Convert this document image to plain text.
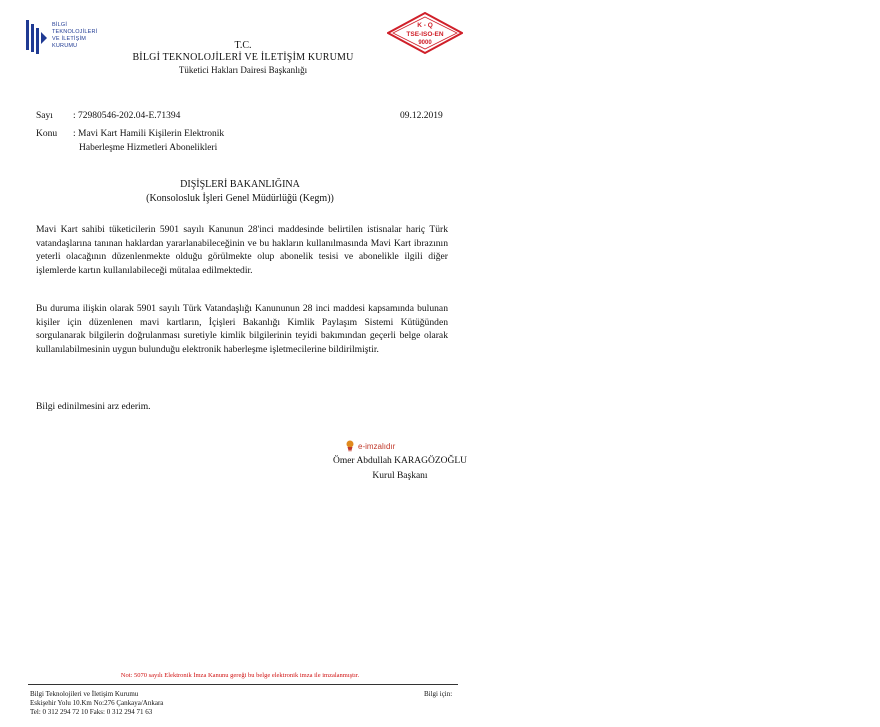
BİLGİ
TEKNOLOJİLERİ
VE İLETİŞİM
KURUMU	T.C.
BİLGİ TEKNOLOJİLERİ VE İLETİŞİM KURUMU
Tüketici Hakları Dairesi Başkanlığı
K - Q
TSE-ISO-EN
9000
Sayı : 72980546-202.04-E.71394	09.12.2019
Konu : Mavi Kart Hamili Kişilerin Elektronik
Haberleşme Hizmetleri Abonelikleri
DIŞİŞLERİ BAKANLIĞINA
(Konsolosluk İşleri Genel Müdürlüğü (Kegm))
Mavi Kart sahibi tüketicilerin 5901 sayılı Kanunun 28'inci maddesinde belirtilen istisnalar hariç Türk vatandaşlarına tanınan haklardan yararlanabileceğinin ve bu hakların kullanılmasında Mavi Kart ibrazının yeterli olacağının düzenlenmekte olduğu görülmekte olup abonelik tesisi ve abonelikle ilgili diğer işlemlerde kartın kullanılabileceği mütalaa edilmektedir.
Bu duruma ilişkin olarak 5901 sayılı Türk Vatandaşlığı Kanununun 28 inci maddesi kapsamında bulunan kişiler için düzenlenen mavi kartların, İçişleri Bakanlığı Kimlik Paylaşım Sistemi Kütüğünden sorgulanarak bilgilerin doğrulanması suretiyle kimlik bilgilerinin teyidi bakımından geçerli belge olarak kullanılabilmesinin uygun bulunduğu elektronik haberleşme işletmecilerine bildirilmiştir.
Bilgi edinilmesini arz ederim.
e-imzalıdır
Ömer Abdullah KARAGÖZOĞLU
Kurul Başkanı
Not: 5070 sayılı Elektronik İmza Kanunu gereği bu belge elektronik imza ile imzalanmıştır.
Bilgi Teknolojileri ve İletişim Kurumu
Eskişehir Yolu 10.Km No:276 Çankaya/Ankara
Tel: 0 312 294 72 10 Faks: 0 312 294 71 63
Bilgi için:
